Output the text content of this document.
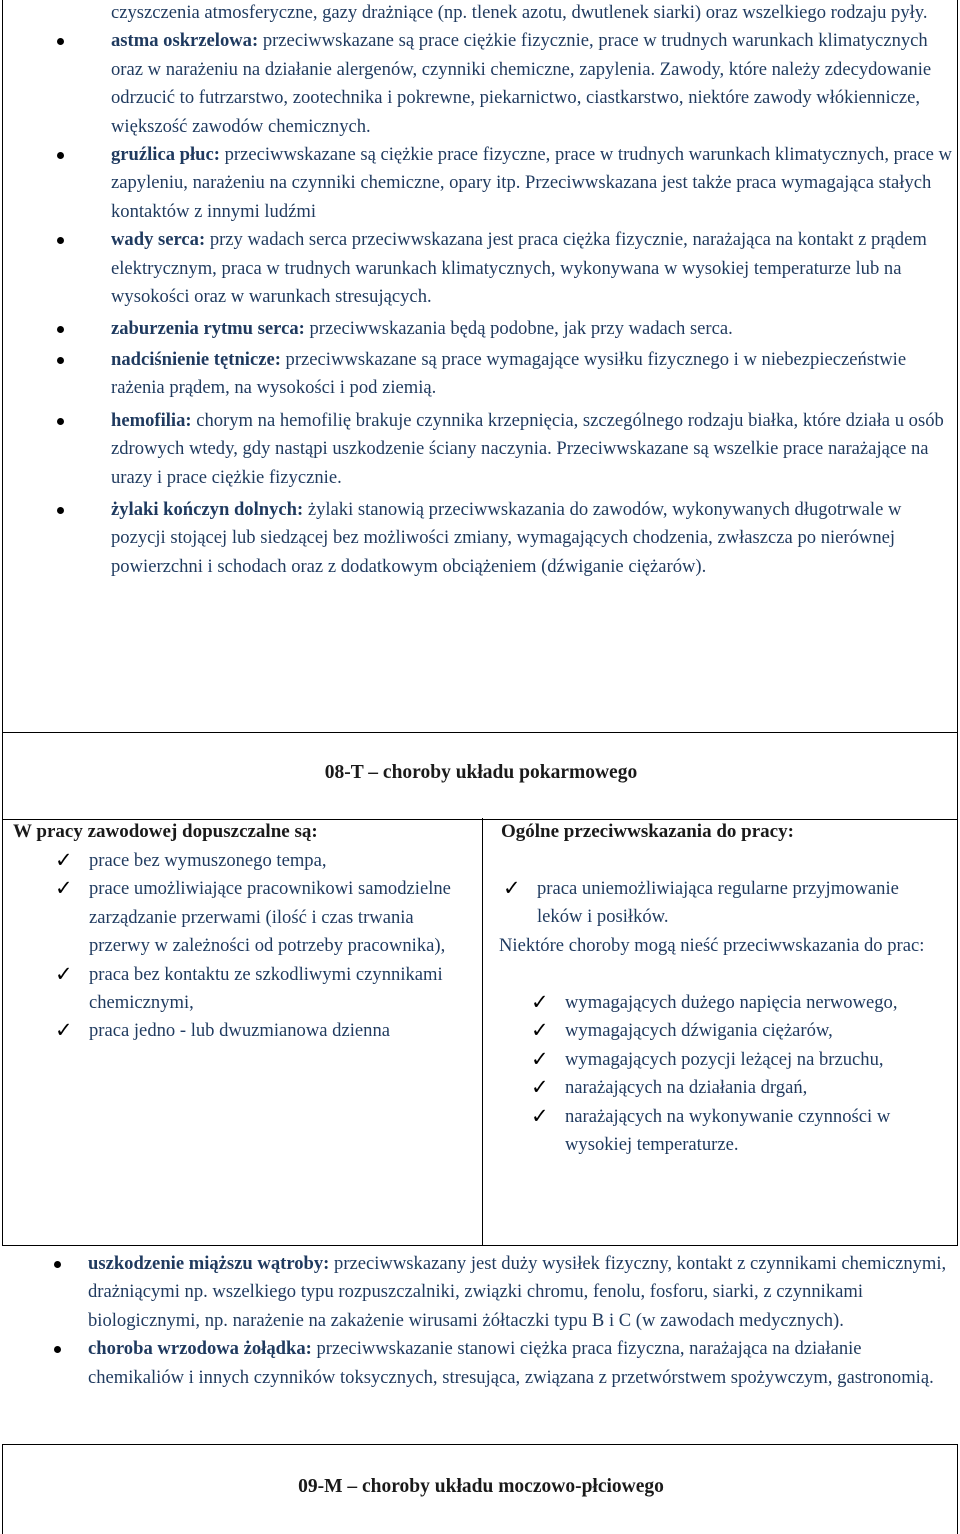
czyszczenia atmosferyczne, gazy drażniące (np. tlenek azotu, dwutlenek siarki) oraz wszelkiego rodzaju pyły.
astma oskrzelowa: przeciwwskazane są prace ciężkie fizycznie, prace w trudnych warunkach klimatycznych oraz w narażeniu na działanie alergenów, czynniki chemiczne, zapylenia. Zawody, które należy zdecydowanie odrzucić to futrzarstwo, zootechnika i pokrewne, piekarnictwo, ciastkarstwo, niektóre zawody włókiennicze, większość zawodów chemicznych.
gruźlica płuc: przeciwwskazane są ciężkie prace fizyczne, prace w trudnych warunkach klimatycznych, prace w zapyleniu, narażeniu na czynniki chemiczne, opary itp. Przeciwwskazana jest także praca wymagająca stałych kontaktów z innymi ludźmi
wady serca: przy wadach serca przeciwwskazana jest praca ciężka fizycznie, narażająca na kontakt z prądem elektrycznym, praca w trudnych warunkach klimatycznych, wykonywana w wysokiej temperaturze lub na wysokości oraz w warunkach stresujących.
zaburzenia rytmu serca: przeciwwskazania będą podobne, jak przy wadach serca.
nadciśnienie tętnicze: przeciwwskazane są prace wymagające wysiłku fizycznego i w niebezpieczeństwie rażenia prądem, na wysokości i pod ziemią.
hemofilia: chorym na hemofilię brakuje czynnika krzepnięcia, szczególnego rodzaju białka, które działa u osób zdrowych wtedy, gdy nastąpi uszkodzenie ściany naczynia. Przeciwwskazane są wszelkie prace narażające na urazy i prace ciężkie fizycznie.
żylaki kończyn dolnych: żylaki stanowią przeciwwskazania do zawodów, wykonywanych długotrwale w pozycji stojącej lub siedzącej bez możliwości zmiany, wymagających chodzenia, zwłaszcza po nierównej powierzchni i schodach oraz z dodatkowym obciążeniem (dźwiganie ciężarów).
08-T – choroby układu pokarmowego
W pracy zawodowej dopuszczalne są:
✓ prace bez wymuszonego tempa,
✓ prace umożliwiające pracownikowi samodzielne zarządzanie przerwami (ilość i czas trwania przerwy w zależności od potrzeby pracownika),
✓ praca bez kontaktu ze szkodliwymi czynnikami chemicznymi,
✓ praca jedno - lub dwuzmianowa dzienna
Ogólne przeciwwskazania do pracy:
✓ praca uniemożliwiająca regularne przyjmowanie leków i posiłków.
Niektóre choroby mogą nieść przeciwwskazania do prac:
✓ wymagających dużego napięcia nerwowego,
✓ wymagających dźwigania ciężarów,
✓ wymagających pozycji leżącej na brzuchu,
✓ narażających na działania drgań,
✓ narażających na wykonywanie czynności w wysokiej temperaturze.
uszkodzenie miąższu wątroby: przeciwwskazany jest duży wysiłek fizyczny, kontakt z czynnikami chemicznymi, drażniącymi np. wszelkiego typu rozpuszczalniki, związki chromu, fenolu, fosforu, siarki, z czynnikami biologicznymi, np. narażenie na zakażenie wirusami żółtaczki typu B i C (w zawodach medycznych).
choroba wrzodowa żołądka: przeciwwskazanie stanowi ciężka praca fizyczna, narażająca na działanie chemikaliów i innych czynników toksycznych, stresująca, związana z przetwórstwem spożywczym, gastronomią.
09-M – choroby układu moczowo-płciowego
